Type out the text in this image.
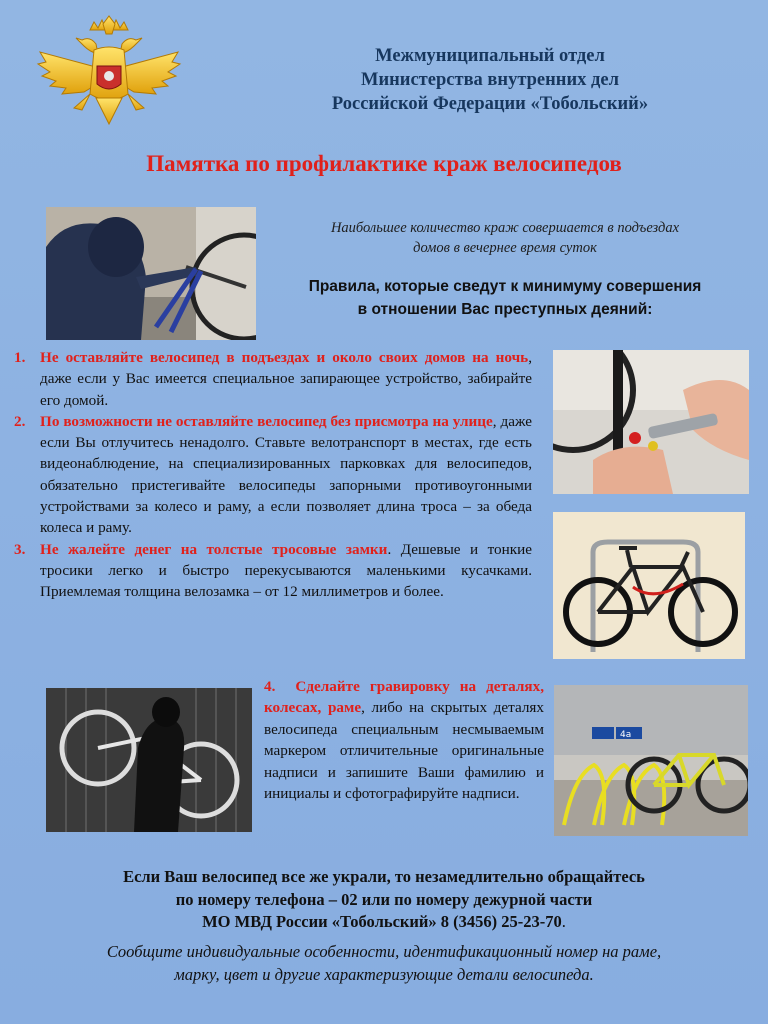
Межмуниципальный отдел
Министерства внутренних дел
Российской Федерации «Тобольский»
Памятка по профилактике краж велосипедов
Наибольшее количество краж совершается в подъездах
домов в вечернее время суток
Правила, которые сведут к минимуму совершения
в отношении Вас преступных деяний:
1. Не оставляйте велосипед в подъездах и около своих домов на ночь, даже если у Вас имеется специальное запирающее устройство, забирайте его домой.
2. По возможности не оставляйте велосипед без присмотра на улице, даже если Вы отлучитесь ненадолго. Ставьте велотранспорт в местах, где есть видеонаблюдение, на специализированных парковках для велосипедов, обязательно пристегивайте велосипеды запорными противоугонными устройствами за колесо и раму, а если позволяет длина троса – за обеда колеса и раму.
3. Не жалейте денег на толстые тросовые замки. Дешевые и тонкие тросики легко и быстро перекусываются маленькими кусачками. Приемлемая толщина велозамка – от 12 миллиметров и более.
4. Сделайте гравировку на деталях, колесах, раме, либо на скрытых деталях велосипеда специальным несмываемым маркером отличительные оригинальные надписи и запишите Ваши фамилию и инициалы и сфотографируйте надписи.
4a
Если Ваш велосипед все же украли, то незамедлительно обращайтесь
по номеру телефона – 02 или по номеру дежурной части
МО МВД России «Тобольский» 8 (3456) 25-23-70.
Сообщите индивидуальные особенности, идентификационный номер на раме,
марку, цвет и другие характеризующие детали велосипеда.
